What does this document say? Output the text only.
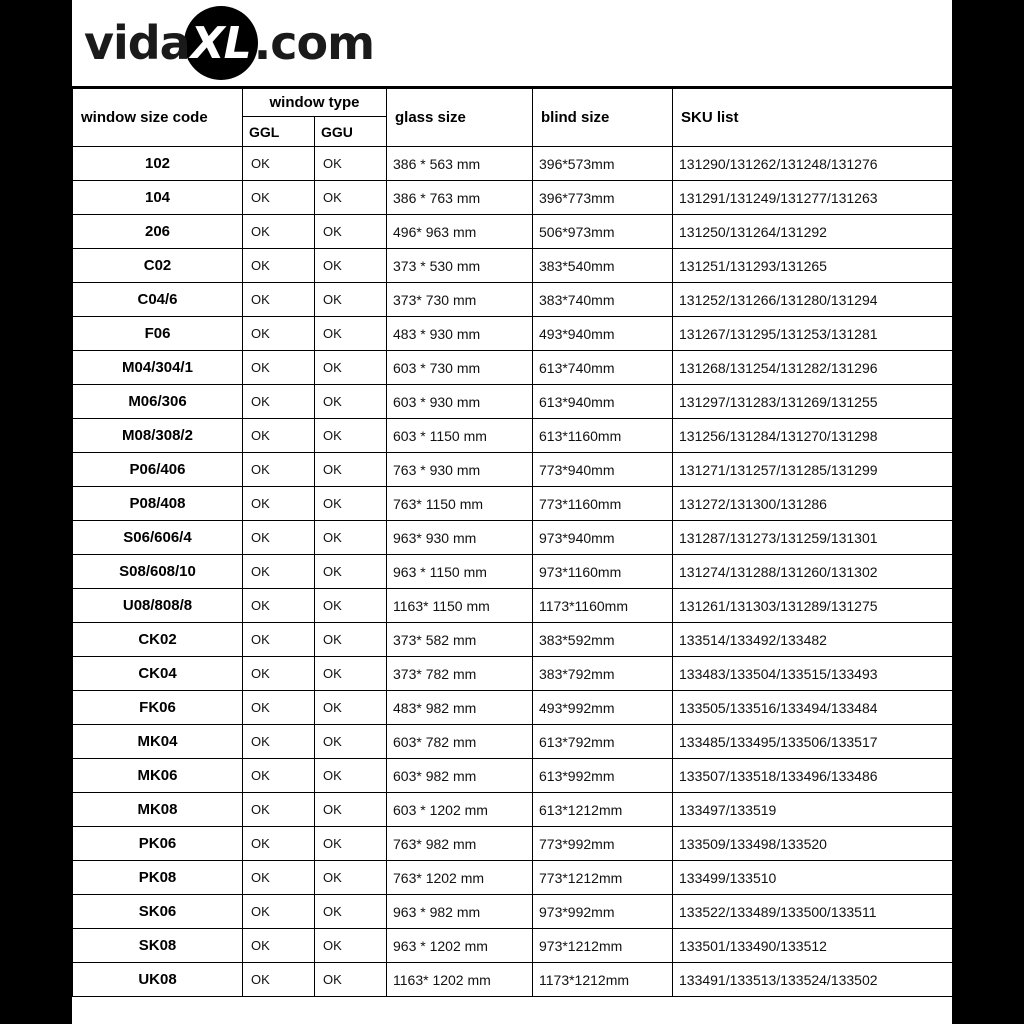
vida XL .com
window size code	window type		glass size	blind size	SKU list
	GGL	GGU			
102	OK	OK	386 * 563 mm	396*573mm	131290/131262/131248/131276
104	OK	OK	386 * 763 mm	396*773mm	131291/131249/131277/131263
206	OK	OK	496* 963 mm	506*973mm	131250/131264/131292
C02	OK	OK	373 * 530 mm	383*540mm	131251/131293/131265
C04/6	OK	OK	373* 730 mm	383*740mm	131252/131266/131280/131294
F06	OK	OK	483 * 930 mm	493*940mm	131267/131295/131253/131281
M04/304/1	OK	OK	603 * 730 mm	613*740mm	131268/131254/131282/131296
M06/306	OK	OK	603 * 930 mm	613*940mm	131297/131283/131269/131255
M08/308/2	OK	OK	603 * 1150 mm	613*1160mm	131256/131284/131270/131298
P06/406	OK	OK	763 * 930 mm	773*940mm	131271/131257/131285/131299
P08/408	OK	OK	763* 1150 mm	773*1160mm	131272/131300/131286
S06/606/4	OK	OK	963* 930 mm	973*940mm	131287/131273/131259/131301
S08/608/10	OK	OK	963 * 1150 mm	973*1160mm	131274/131288/131260/131302
U08/808/8	OK	OK	1163* 1150 mm	1173*1160mm	131261/131303/131289/131275
CK02	OK	OK	373* 582 mm	383*592mm	133514/133492/133482
CK04	OK	OK	373* 782 mm	383*792mm	133483/133504/133515/133493
FK06	OK	OK	483* 982 mm	493*992mm	133505/133516/133494/133484
MK04	OK	OK	603* 782 mm	613*792mm	133485/133495/133506/133517
MK06	OK	OK	603* 982 mm	613*992mm	133507/133518/133496/133486
MK08	OK	OK	603 * 1202 mm	613*1212mm	133497/133519
PK06	OK	OK	763* 982 mm	773*992mm	133509/133498/133520
PK08	OK	OK	763* 1202 mm	773*1212mm	133499/133510
SK06	OK	OK	963 * 982 mm	973*992mm	133522/133489/133500/133511
SK08	OK	OK	963 * 1202 mm	973*1212mm	133501/133490/133512
UK08	OK	OK	1163* 1202 mm	1173*1212mm	133491/133513/133524/133502
